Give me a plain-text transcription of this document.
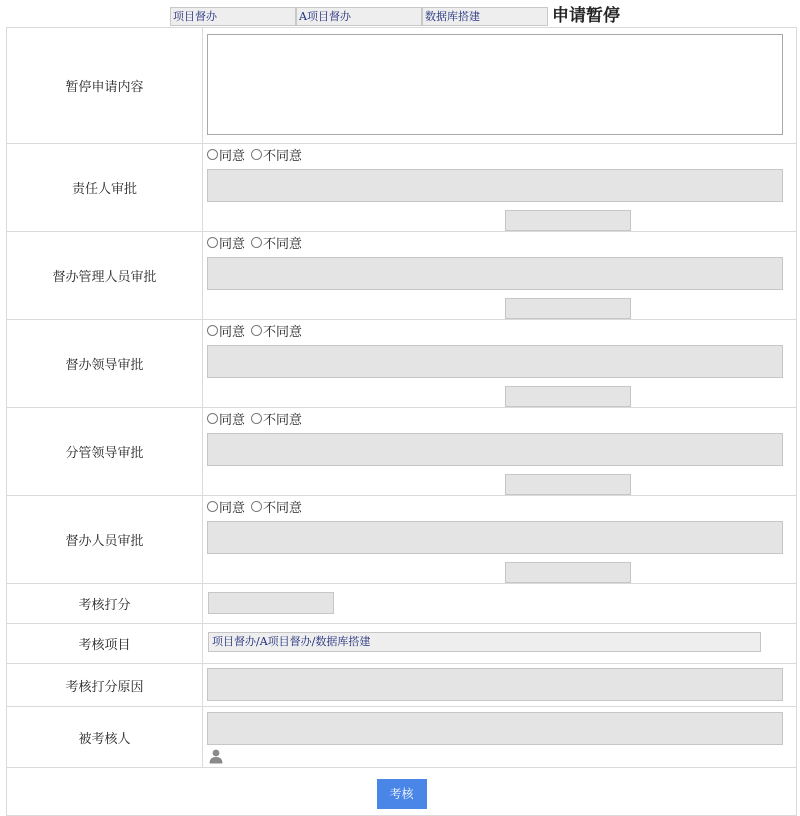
项目督办	A项目督办	数据库搭建	申请暂停
暂停申请内容	

责任人审批	同意 不同意

督办管理人员审批	同意 不同意

督办领导审批	同意 不同意

分管领导审批	同意 不同意

督办人员审批	同意 不同意

考核打分	

考核项目	项目督办/A项目督办/数据库搭建

考核打分原因	

被考核人	

考核	
